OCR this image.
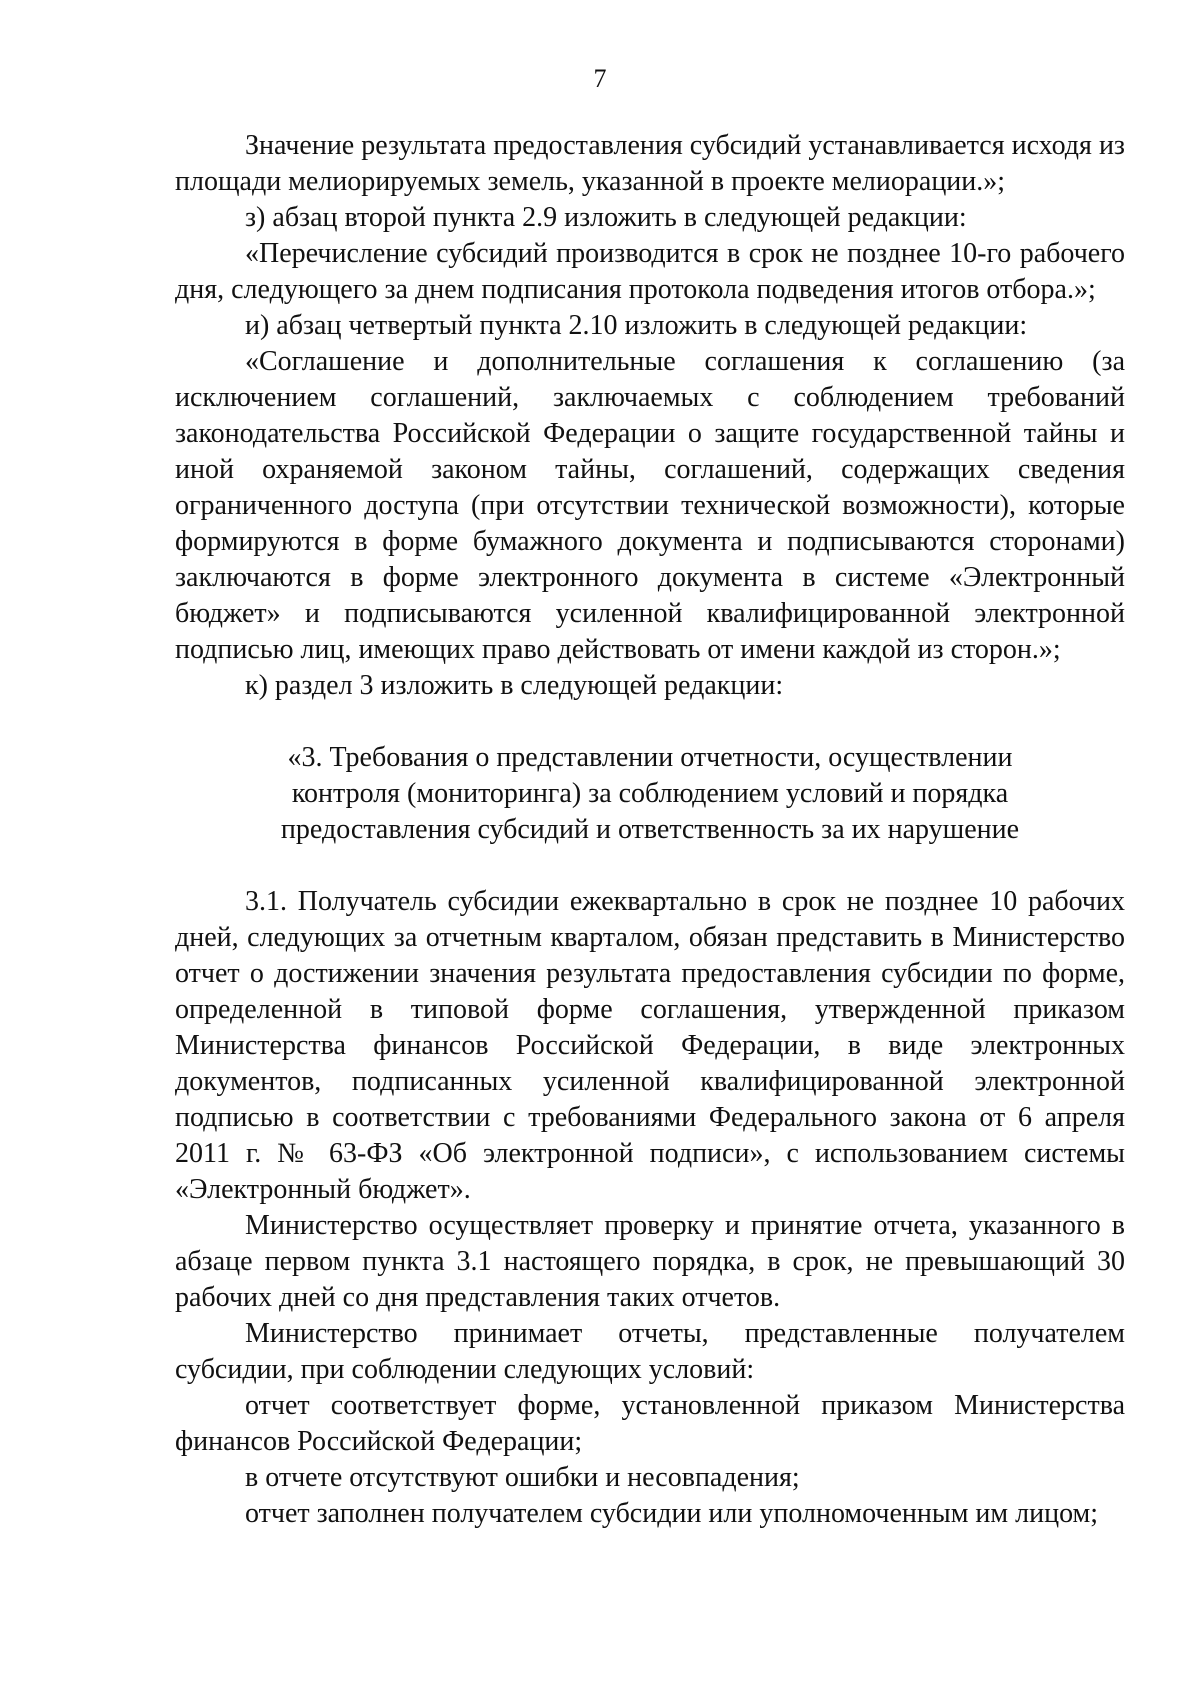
7

Значение результата предоставления субсидий устанавливается исходя из площади мелиорируемых земель, указанной в проекте мелиорации.»;

з) абзац второй пункта 2.9 изложить в следующей редакции:

«Перечисление субсидий производится в срок не позднее 10-го рабочего дня, следующего за днем подписания протокола подведения итогов отбора.»;

и) абзац четвертый пункта 2.10 изложить в следующей редакции:

«Соглашение и дополнительные соглашения к соглашению (за исключением соглашений, заключаемых с соблюдением требований законодательства Российской Федерации о защите государственной тайны и иной охраняемой законом тайны, соглашений, содержащих сведения ограниченного доступа (при отсутствии технической возможности), которые формируются в форме бумажного документа и подписываются сторонами) заключаются в форме электронного документа в системе «Электронный бюджет» и подписываются усиленной квалифицированной электронной подписью лиц, имеющих право действовать от имени каждой из сторон.»;

к) раздел 3 изложить в следующей редакции:

«3. Требования о представлении отчетности, осуществлении
контроля (мониторинга) за соблюдением условий и порядка
предоставления субсидий и ответственность за их нарушение

3.1. Получатель субсидии ежеквартально в срок не позднее 10 рабочих дней, следующих за отчетным кварталом, обязан представить в Министерство отчет о достижении значения результата предоставления субсидии по форме, определенной в типовой форме соглашения, утвержденной приказом Министерства финансов Российской Федерации, в виде электронных документов, подписанных усиленной квалифицированной электронной подписью в соответствии с требованиями Федерального закона от 6 апреля 2011 г. № 63-ФЗ «Об электронной подписи», с использованием системы «Электронный бюджет».

Министерство осуществляет проверку и принятие отчета, указанного в абзаце первом пункта 3.1 настоящего порядка, в срок, не превышающий 30 рабочих дней со дня представления таких отчетов.

Министерство принимает отчеты, представленные получателем субсидии, при соблюдении следующих условий:

отчет соответствует форме, установленной приказом Министерства финансов Российской Федерации;

в отчете отсутствуют ошибки и несовпадения;

отчет заполнен получателем субсидии или уполномоченным им лицом;
